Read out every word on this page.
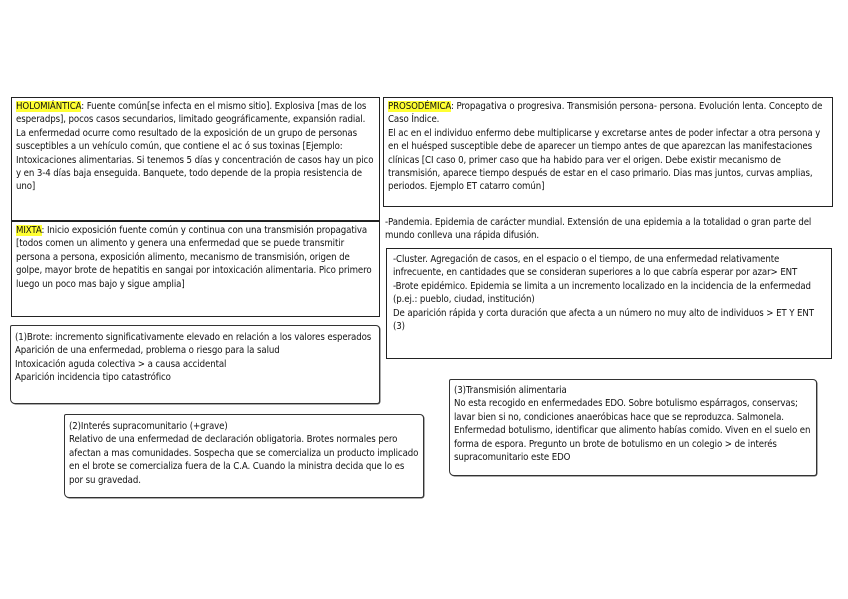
HOLOMIÁNTICA: Fuente común[se infecta en el mismo sitio]. Explosiva [mas de los esperadps], pocos casos secundarios, limitado geográficamente, expansión radial. La enfermedad ocurre como resultado de la exposición de un grupo de personas susceptibles a un vehículo común, que contiene el ac ó sus toxinas [Ejemplo: Intoxicaciones alimentarias. Si tenemos 5 días y concentración de casos hay un pico y en 3-4 días baja enseguida. Banquete, todo depende de la propia resistencia de uno]
MIXTA: Inicio exposición fuente común y continua con una transmisión propagativa [todos comen un alimento y genera una enfermedad que se puede transmitir persona a persona, exposición alimento, mecanismo de transmisión, origen de golpe, mayor brote de hepatitis en sangai por intoxicación alimentaria. Pico primero luego un poco mas bajo y sigue amplia]
(1)Brote: incremento significativamente elevado en relación a los valores esperados
Aparición de una enfermedad, problema o riesgo para la salud
Intoxicación aguda colectiva > a causa accidental
Aparición incidencia tipo catastrófico
(2)Interés supracomunitario (+grave)
Relativo de una enfermedad de declaración obligatoria. Brotes normales pero afectan a mas comunidades. Sospecha que se comercializa un producto implicado en el brote se comercializa fuera de la C.A. Cuando la ministra decida que lo es por su gravedad.
PROSODÉMICA: Propagativa o progresiva. Transmisión persona- persona. Evolución lenta. Concepto de Caso Índice.
El ac en el individuo enfermo debe multiplicarse y excretarse antes de poder infectar a otra persona y en el huésped susceptible debe de aparecer un tiempo antes de que aparezcan las manifestaciones clínicas [CI caso 0, primer caso que ha habido para ver el origen. Debe existir mecanismo de transmisión, aparece tiempo después de estar en el caso primario. Dias mas juntos, curvas amplias, periodos. Ejemplo ET catarro común]
-Pandemia. Epidemia de carácter mundial. Extensión de una epidemia a la totalidad o gran parte del mundo conlleva una rápida difusión.
-Cluster. Agregación de casos, en el espacio o el tiempo, de una enfermedad relativamente infrecuente, en cantidades que se consideran superiores a lo que cabría esperar por azar> ENT
-Brote epidémico. Epidemia se limita a un incremento localizado en la incidencia de la enfermedad (p.ej.: pueblo, ciudad, institución)
De aparición rápida y corta duración que afecta a un número no muy alto de individuos > ET Y ENT (3)
(3)Transmisión alimentaria
No esta recogido en enfermedades EDO. Sobre botulismo espárragos, conservas; lavar bien si no, condiciones anaeróbicas hace que se reproduzca. Salmonela. Enfermedad botulismo, identificar que alimento habías comido. Viven en el suelo en forma de espora. Pregunto un brote de botulismo en un colegio > de interés supracomunitario este EDO
